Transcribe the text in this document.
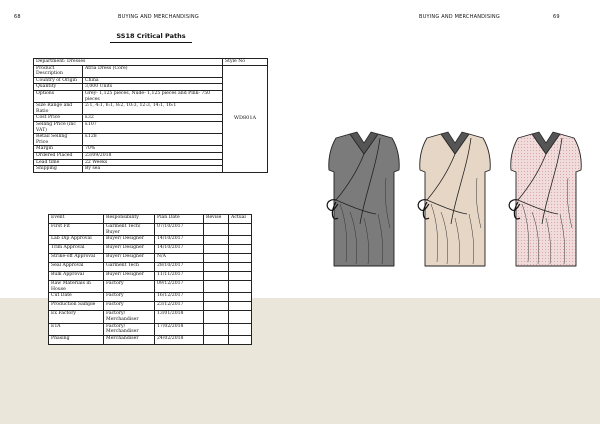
68	BUYING AND MERCHANDISING	BUYING AND MERCHANDISING	69
SS18 Critical Paths
Department: Dresses		Style No
Product Description	Atria Dress (Core)	WD801A
Country of Origin	China	
Quantity	3,000 Units	
Options	Grey- 1,125 pieces, Nude- 1,125 pieces and Pink- 750 pieces	
Size Range and Ratio	2:1, 4:1, 6:1, 8:2, 10:3, 12:3, 14:1, 16:1	
Cost Price	£32	
Selling Price (inc VAT)	£107	
Retail Selling Price	£128	
Margin	70%	
Ordered Placed	23/09/2018	
Lead time	22 Weeks	
Shipping	By sea	
Event	Responsibility	Plan Date	Revise	Actual
First Fit	Garment Tech/ Buyer	07/10/2017		
Lab Dip Approval	Buyer/ Designer	14/10/2017		
Trim Approval	Buyer/ Designer	14/10/2017		
Strike-off Approval	Buyer/ Designer	N/A		
Seal Approval	Garment Tech	28/10/2017		
Bulk Approval	Buyer/ Designer	11/11/2017		
Raw Materials in House	Factory	09/12/2017		
Cut Date	Factory	16/12/2017		
Production Sample	Factory	23/12/2017		
Ex Factory	Factory/ Merchandiser	13/01/2018		
ETA	Factory/ Merchandiser	17/02/2018		
Phasing	Merchandiser	24/02/2018		
